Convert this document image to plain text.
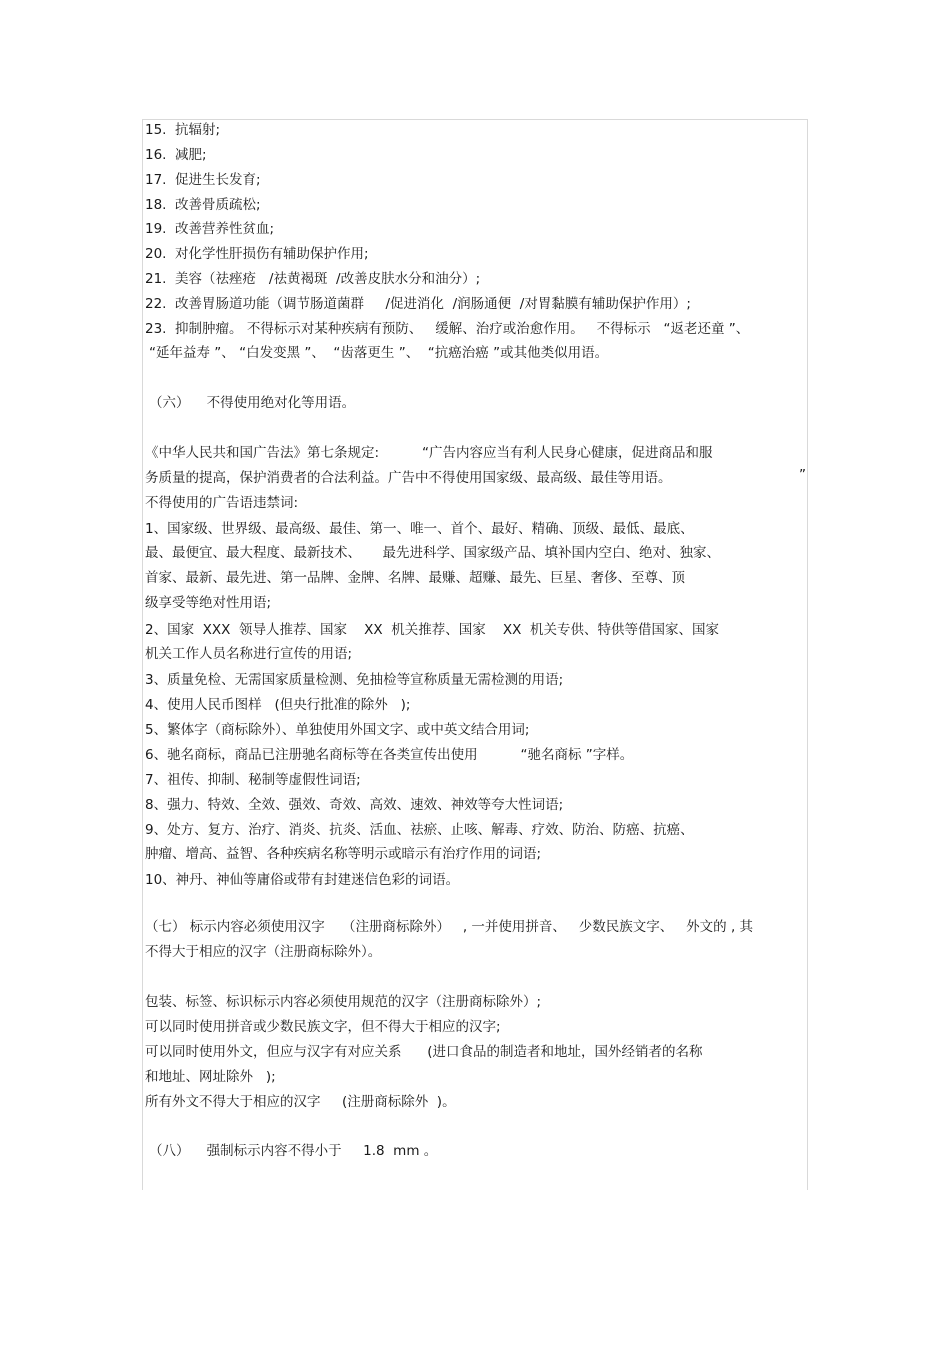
15.  抗辐射;
16.  减肥;
17.  促进生长发育;
18.  改善骨质疏松;
19.  改善营养性贫血;
20.  对化学性肝损伤有辅助保护作用;
21.  美容（祛痤疮   /祛黄褐斑  /改善皮肤水分和油分）;
22.  改善胃肠道功能（调节肠道菌群     /促进消化  /润肠通便  /对胃黏膜有辅助保护作用）;
23.  抑制肿瘤。 不得标示对某种疾病有预防、   缓解、治疗或治愈作用。   不得标示   “返老还童 ”、
“延年益寿 ”、 “白发变黑 ”、  “齿落更生 ”、  “抗癌治癌 ”或其他类似用语。
（六）    不得使用绝对化等用语。
《中华人民共和国广告法》第七条规定:          “广告内容应当有利人民身心健康，促进商品和服
务质量的提高，保护消费者的合法利益。广告中不得使用国家级、最高级、最佳等用语。	”
不得使用的广告语违禁词:
1、国家级、世界级、最高级、最佳、第一、唯一、首个、最好、精确、顶级、最低、最底、
最、最便宜、最大程度、最新技术、     最先进科学、国家级产品、填补国内空白、绝对、独家、
首家、最新、最先进、第一品牌、金牌、名牌、最赚、超赚、最先、巨星、奢侈、至尊、顶
级享受等绝对性用语;
2、国家  XXX  领导人推荐、国家    XX  机关推荐、国家    XX  机关专供、特供等借国家、国家
机关工作人员名称进行宣传的用语;
3、质量免检、无需国家质量检测、免抽检等宣称质量无需检测的用语;
4、使用人民币图样   (但央行批准的除外   );
5、繁体字（商标除外）、单独使用外国文字、或中英文结合用词;
6、驰名商标，商品已注册驰名商标等在各类宣传出使用          “驰名商标 ”字样。
7、祖传、抑制、秘制等虚假性词语;
8、强力、特效、全效、强效、奇效、高效、速效、神效等夸大性词语;
9、处方、复方、治疗、消炎、抗炎、活血、祛瘀、止咳、解毒、疗效、防治、防癌、抗癌、
肿瘤、增高、益智、各种疾病名称等明示或暗示有治疗作用的词语;
10、神丹、神仙等庸俗或带有封建迷信色彩的词语。
（七） 标示内容必须使用汉字    （注册商标除外）   , 一并使用拼音、   少数民族文字、   外文的 , 其
不得大于相应的汉字（注册商标除外）。
包装、标签、标识标示内容必须使用规范的汉字（注册商标除外）;
可以同时使用拼音或少数民族文字，但不得大于相应的汉字;
可以同时使用外文，但应与汉字有对应关系      (进口食品的制造者和地址，国外经销者的名称
和地址、网址除外   );
所有外文不得大于相应的汉字     (注册商标除外  )。
（八）    强制标示内容不得小于     1.8  mm 。
